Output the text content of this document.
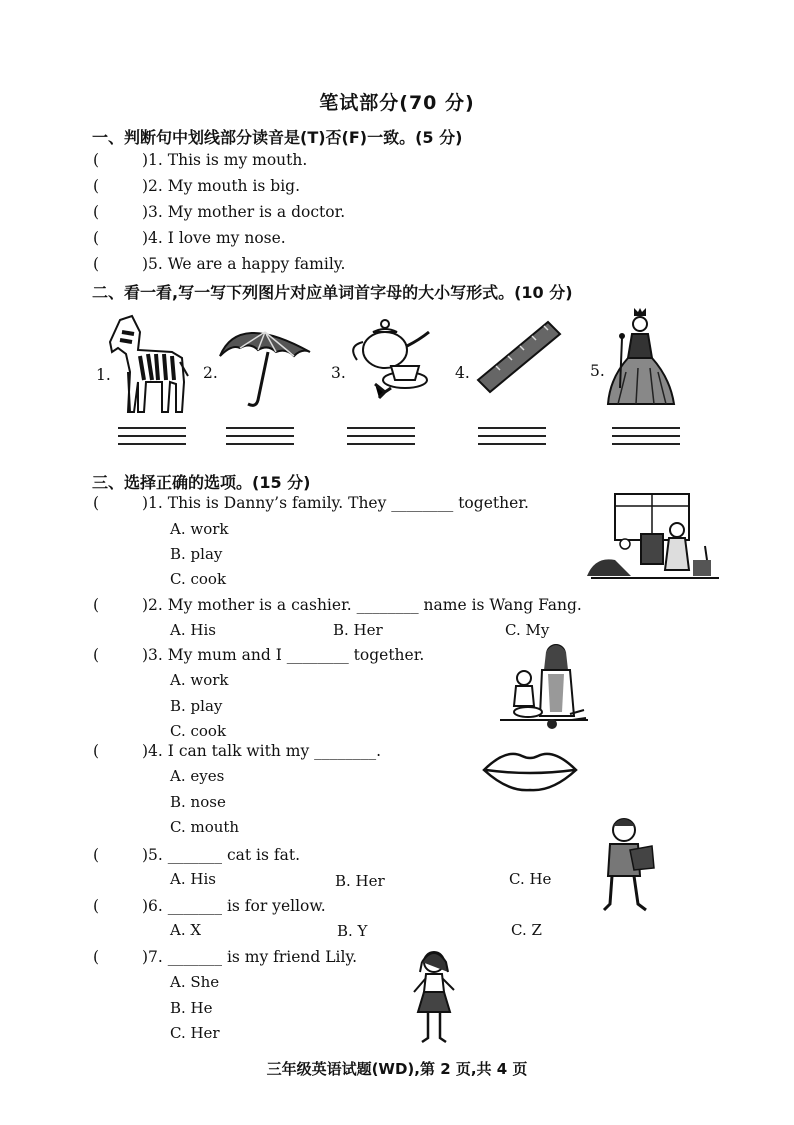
笔试部分(70 分)
一、判断句中划线部分读音是(T)否(F)一致。(5 分)
(	)1. This is my mouth.
(	)2. My mouth is big.
(	)3. My mother is a doctor.
(	)4. I love my nose.
(	)5. We are a happy family.
二、看一看,写一写下列图片对应单词首字母的大小写形式。(10 分)
1.	2.	3.	4.	5.
三、选择正确的选项。(15 分)
(	)1. This is Danny’s family. They ________ together.
A. work
B. play
C. cook
(	)2. My mother is a cashier. ________ name is Wang Fang.
A. His	B. Her	C. My
(	)3. My mum and I ________ together.
A. work
B. play
C. cook
(	)4. I can talk with my ________.
A. eyes
B. nose
C. mouth
(	)5. _______ cat is fat.
A. His	B. Her	C. He
(	)6. _______ is for yellow.
A. X	B. Y	C. Z
(	)7. _______ is my friend Lily.
A. She
B. He
C. Her
三年级英语试题(WD),第 2 页,共 4 页
